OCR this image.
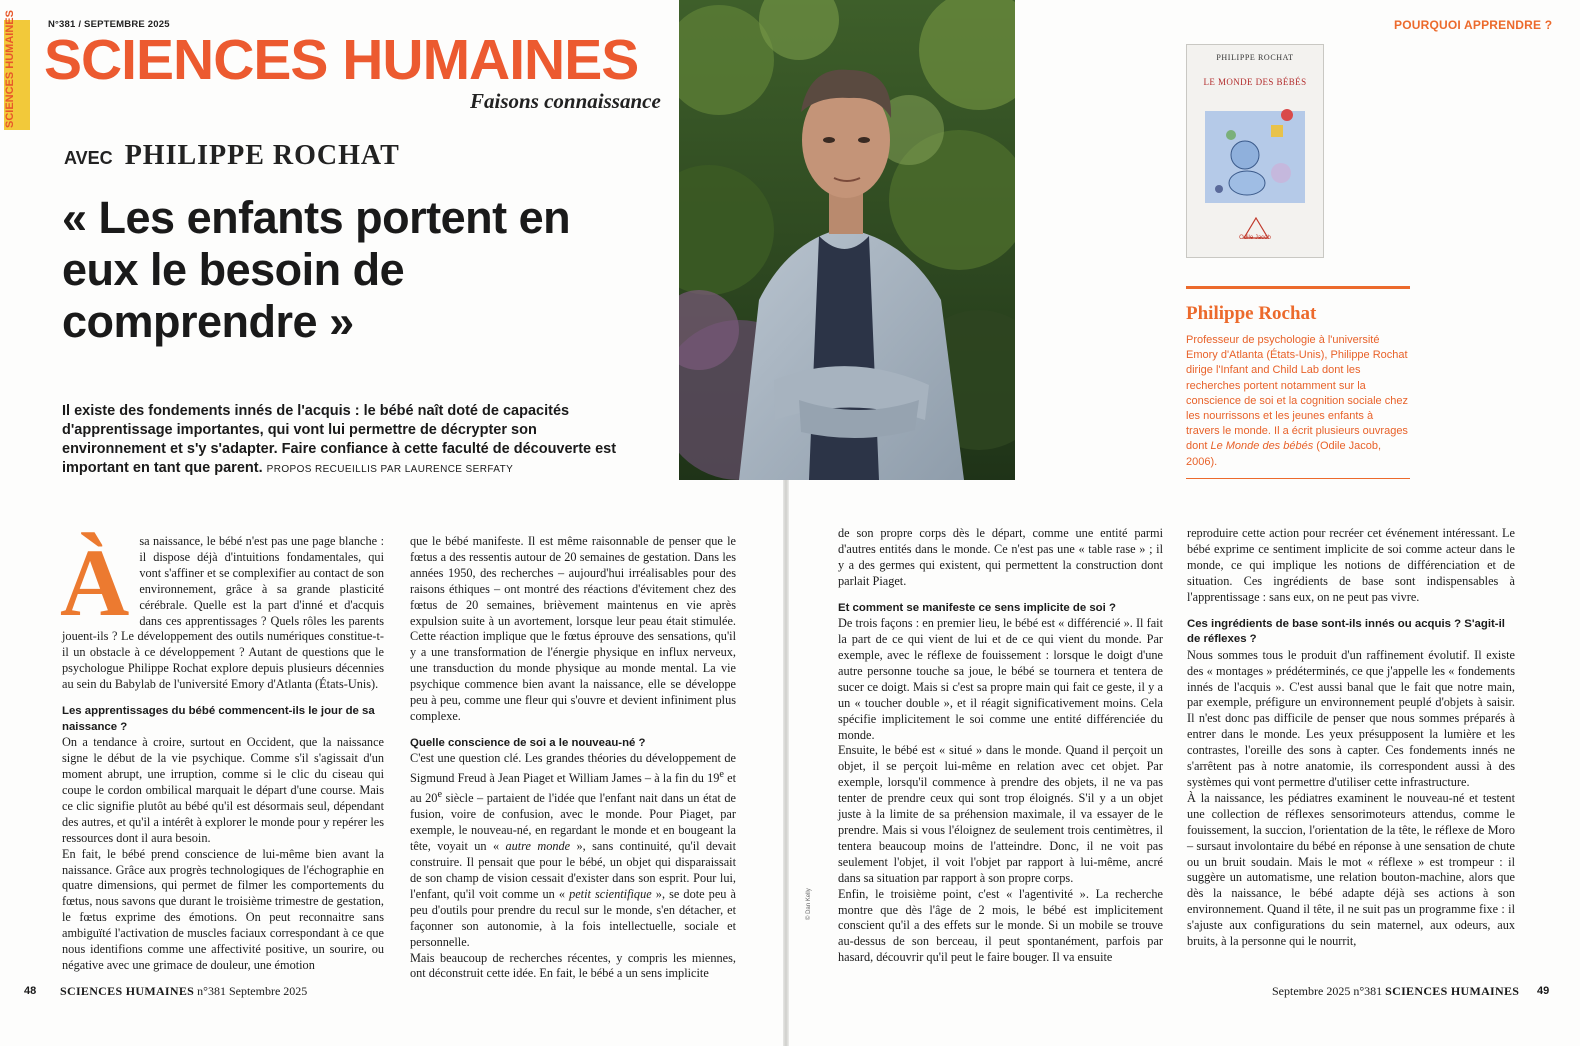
SCIENCES HUMAINES	N°381 / SEPTEMBRE 2025
SCIENCES HUMAINES
Faisons connaissance
AVEC PHILIPPE ROCHAT
« Les enfants portent en eux le besoin de comprendre »
Il existe des fondements innés de l'acquis : le bébé naît doté de capacités d'apprentissage importantes, qui vont lui permettre de décrypter son environnement et s'y s'adapter. Faire confiance à cette faculté de découverte est important en tant que parent. PROPOS RECUEILLIS PAR LAURENCE SERFATY
© Dan Kelly
À sa naissance, le bébé n'est pas une page blanche : il dispose déjà d'intuitions fondamentales, qui vont s'affiner et se complexifier au contact de son environnement, grâce à sa grande plasticité cérébrale. Quelle est la part d'inné et d'acquis dans ces apprentissages ? Quels rôles les parents jouent-ils ? Le développement des outils numériques constitue-t-il un obstacle à ce développement ? Autant de questions que le psychologue Philippe Rochat explore depuis plusieurs décennies au sein du Babylab de l'université Emory d'Atlanta (États-Unis).

Les apprentissages du bébé commencent-ils le jour de sa naissance ?

On a tendance à croire, surtout en Occident, que la naissance signe le début de la vie psychique. Comme s'il s'agissait d'un moment abrupt, une irruption, comme si le clic du ciseau qui coupe le cordon ombilical marquait le départ d'une course. Mais ce clic signifie plutôt au bébé qu'il est désormais seul, dépendant des autres, et qu'il a intérêt à explorer le monde pour y repérer les ressources dont il aura besoin.

En fait, le bébé prend conscience de lui-même bien avant la naissance. Grâce aux progrès technologiques de l'échographie en quatre dimensions, qui permet de filmer les comportements du fœtus, nous savons que durant le troisième trimestre de gestation, le fœtus exprime des émotions. On peut reconnaitre sans ambiguïté l'activation de muscles faciaux correspondant à ce que nous identifions comme une affectivité positive, un sourire, ou négative avec une grimace de douleur, une émotion

que le bébé manifeste. Il est même raisonnable de penser que le fœtus a des ressentis autour de 20 semaines de gestation. Dans les années 1950, des recherches – aujourd'hui irréalisables pour des raisons éthiques – ont montré des réactions d'évitement chez des fœtus de 20 semaines, brièvement maintenus en vie après expulsion suite à un avortement, lorsque leur peau était stimulée. Cette réaction implique que le fœtus éprouve des sensations, qu'il y a une transformation de l'énergie physique en influx nerveux, une transduction du monde physique au monde mental. La vie psychique commence bien avant la naissance, elle se développe peu à peu, comme une fleur qui s'ouvre et devient infiniment plus complexe.

Quelle conscience de soi a le nouveau-né ?

C'est une question clé. Les grandes théories du développement de Sigmund Freud à Jean Piaget et William James – à la fin du 19e et au 20e siècle – partaient de l'idée que l'enfant nait dans un état de fusion, voire de confusion, avec le monde. Pour Piaget, par exemple, le nouveau-né, en regardant le monde et en bougeant la tête, voyait un « autre monde », sans continuité, qu'il devait construire. Il pensait que pour le bébé, un objet qui disparaissait de son champ de vision cessait d'exister dans son esprit. Pour lui, l'enfant, qu'il voit comme un « petit scientifique », se dote peu à peu d'outils pour prendre du recul sur le monde, s'en détacher, et façonner son autonomie, à la fois intellectuelle, sociale et personnelle.

Mais beaucoup de recherches récentes, y compris les miennes, ont déconstruit cette idée. En fait, le bébé a un sens implicite

48 SCIENCES HUMAINES n°381 Septembre 2025
POURQUOI APPRENDRE ?
PHILIPPE ROCHAT
LE MONDE DES BÉBÉS
Odile Jacob
Philippe Rochat
Professeur de psychologie à l'université Emory d'Atlanta (États-Unis), Philippe Rochat dirige l'Infant and Child Lab dont les recherches portent notamment sur la conscience de soi et la cognition sociale chez les nourrissons et les jeunes enfants à travers le monde. Il a écrit plusieurs ouvrages dont Le Monde des bébés (Odile Jacob, 2006).

de son propre corps dès le départ, comme une entité parmi d'autres entités dans le monde. Ce n'est pas une « table rase » ; il y a des germes qui existent, qui permettent la construction dont parlait Piaget.

Et comment se manifeste ce sens implicite de soi ?

De trois façons : en premier lieu, le bébé est « différencié ». Il fait la part de ce qui vient de lui et de ce qui vient du monde. Par exemple, avec le réflexe de fouissement : lorsque le doigt d'une autre personne touche sa joue, le bébé se tournera et tentera de sucer ce doigt. Mais si c'est sa propre main qui fait ce geste, il y a un « toucher double », et il réagit significativement moins. Cela spécifie implicitement le soi comme une entité différenciée du monde.

Ensuite, le bébé est « situé » dans le monde. Quand il perçoit un objet, il se perçoit lui-même en relation avec cet objet. Par exemple, lorsqu'il commence à prendre des objets, il ne va pas tenter de prendre ceux qui sont trop éloignés. S'il y a un objet juste à la limite de sa préhension maximale, il va essayer de le prendre. Mais si vous l'éloignez de seulement trois centimètres, il tentera beaucoup moins de l'atteindre. Donc, il ne voit pas seulement l'objet, il voit l'objet par rapport à lui-même, ancré dans sa situation par rapport à son propre corps.

Enfin, le troisième point, c'est « l'agentivité ». La recherche montre que dès l'âge de 2 mois, le bébé est implicitement conscient qu'il a des effets sur le monde. Si un mobile se trouve au-dessus de son berceau, il peut spontanément, parfois par hasard, découvrir qu'il peut le faire bouger. Il va ensuite

reproduire cette action pour recréer cet événement intéressant. Le bébé exprime ce sentiment implicite de soi comme acteur dans le monde, ce qui implique les notions de différenciation et de situation. Ces ingrédients de base sont indispensables à l'apprentissage : sans eux, on ne peut pas vivre.

Ces ingrédients de base sont-ils innés ou acquis ? S'agit-il de réflexes ?

Nous sommes tous le produit d'un raffinement évolutif. Il existe des « montages » prédéterminés, ce que j'appelle les « fondements innés de l'acquis ». C'est aussi banal que le fait que notre main, par exemple, préfigure un environnement peuplé d'objets à saisir. Il n'est donc pas difficile de penser que nous sommes préparés à entrer dans le monde. Les yeux présupposent la lumière et les contrastes, l'oreille des sons à capter. Ces fondements innés ne s'arrêtent pas à notre anatomie, ils correspondent aussi à des systèmes qui vont permettre d'utiliser cette infrastructure.

À la naissance, les pédiatres examinent le nouveau-né et testent une collection de réflexes sensorimoteurs attendus, comme le fouissement, la succion, l'orientation de la tête, le réflexe de Moro – sursaut involontaire du bébé en réponse à une sensation de chute ou un bruit soudain. Mais le mot « réflexe » est trompeur : il suggère un automatisme, une relation bouton-machine, alors que dès la naissance, le bébé adapte déjà ses actions à son environnement. Quand il tête, il ne suit pas un programme fixe : il s'ajuste aux configurations du sein maternel, aux odeurs, aux bruits, à la personne qui le nourrit,

Septembre 2025 n°381 SCIENCES HUMAINES 49
